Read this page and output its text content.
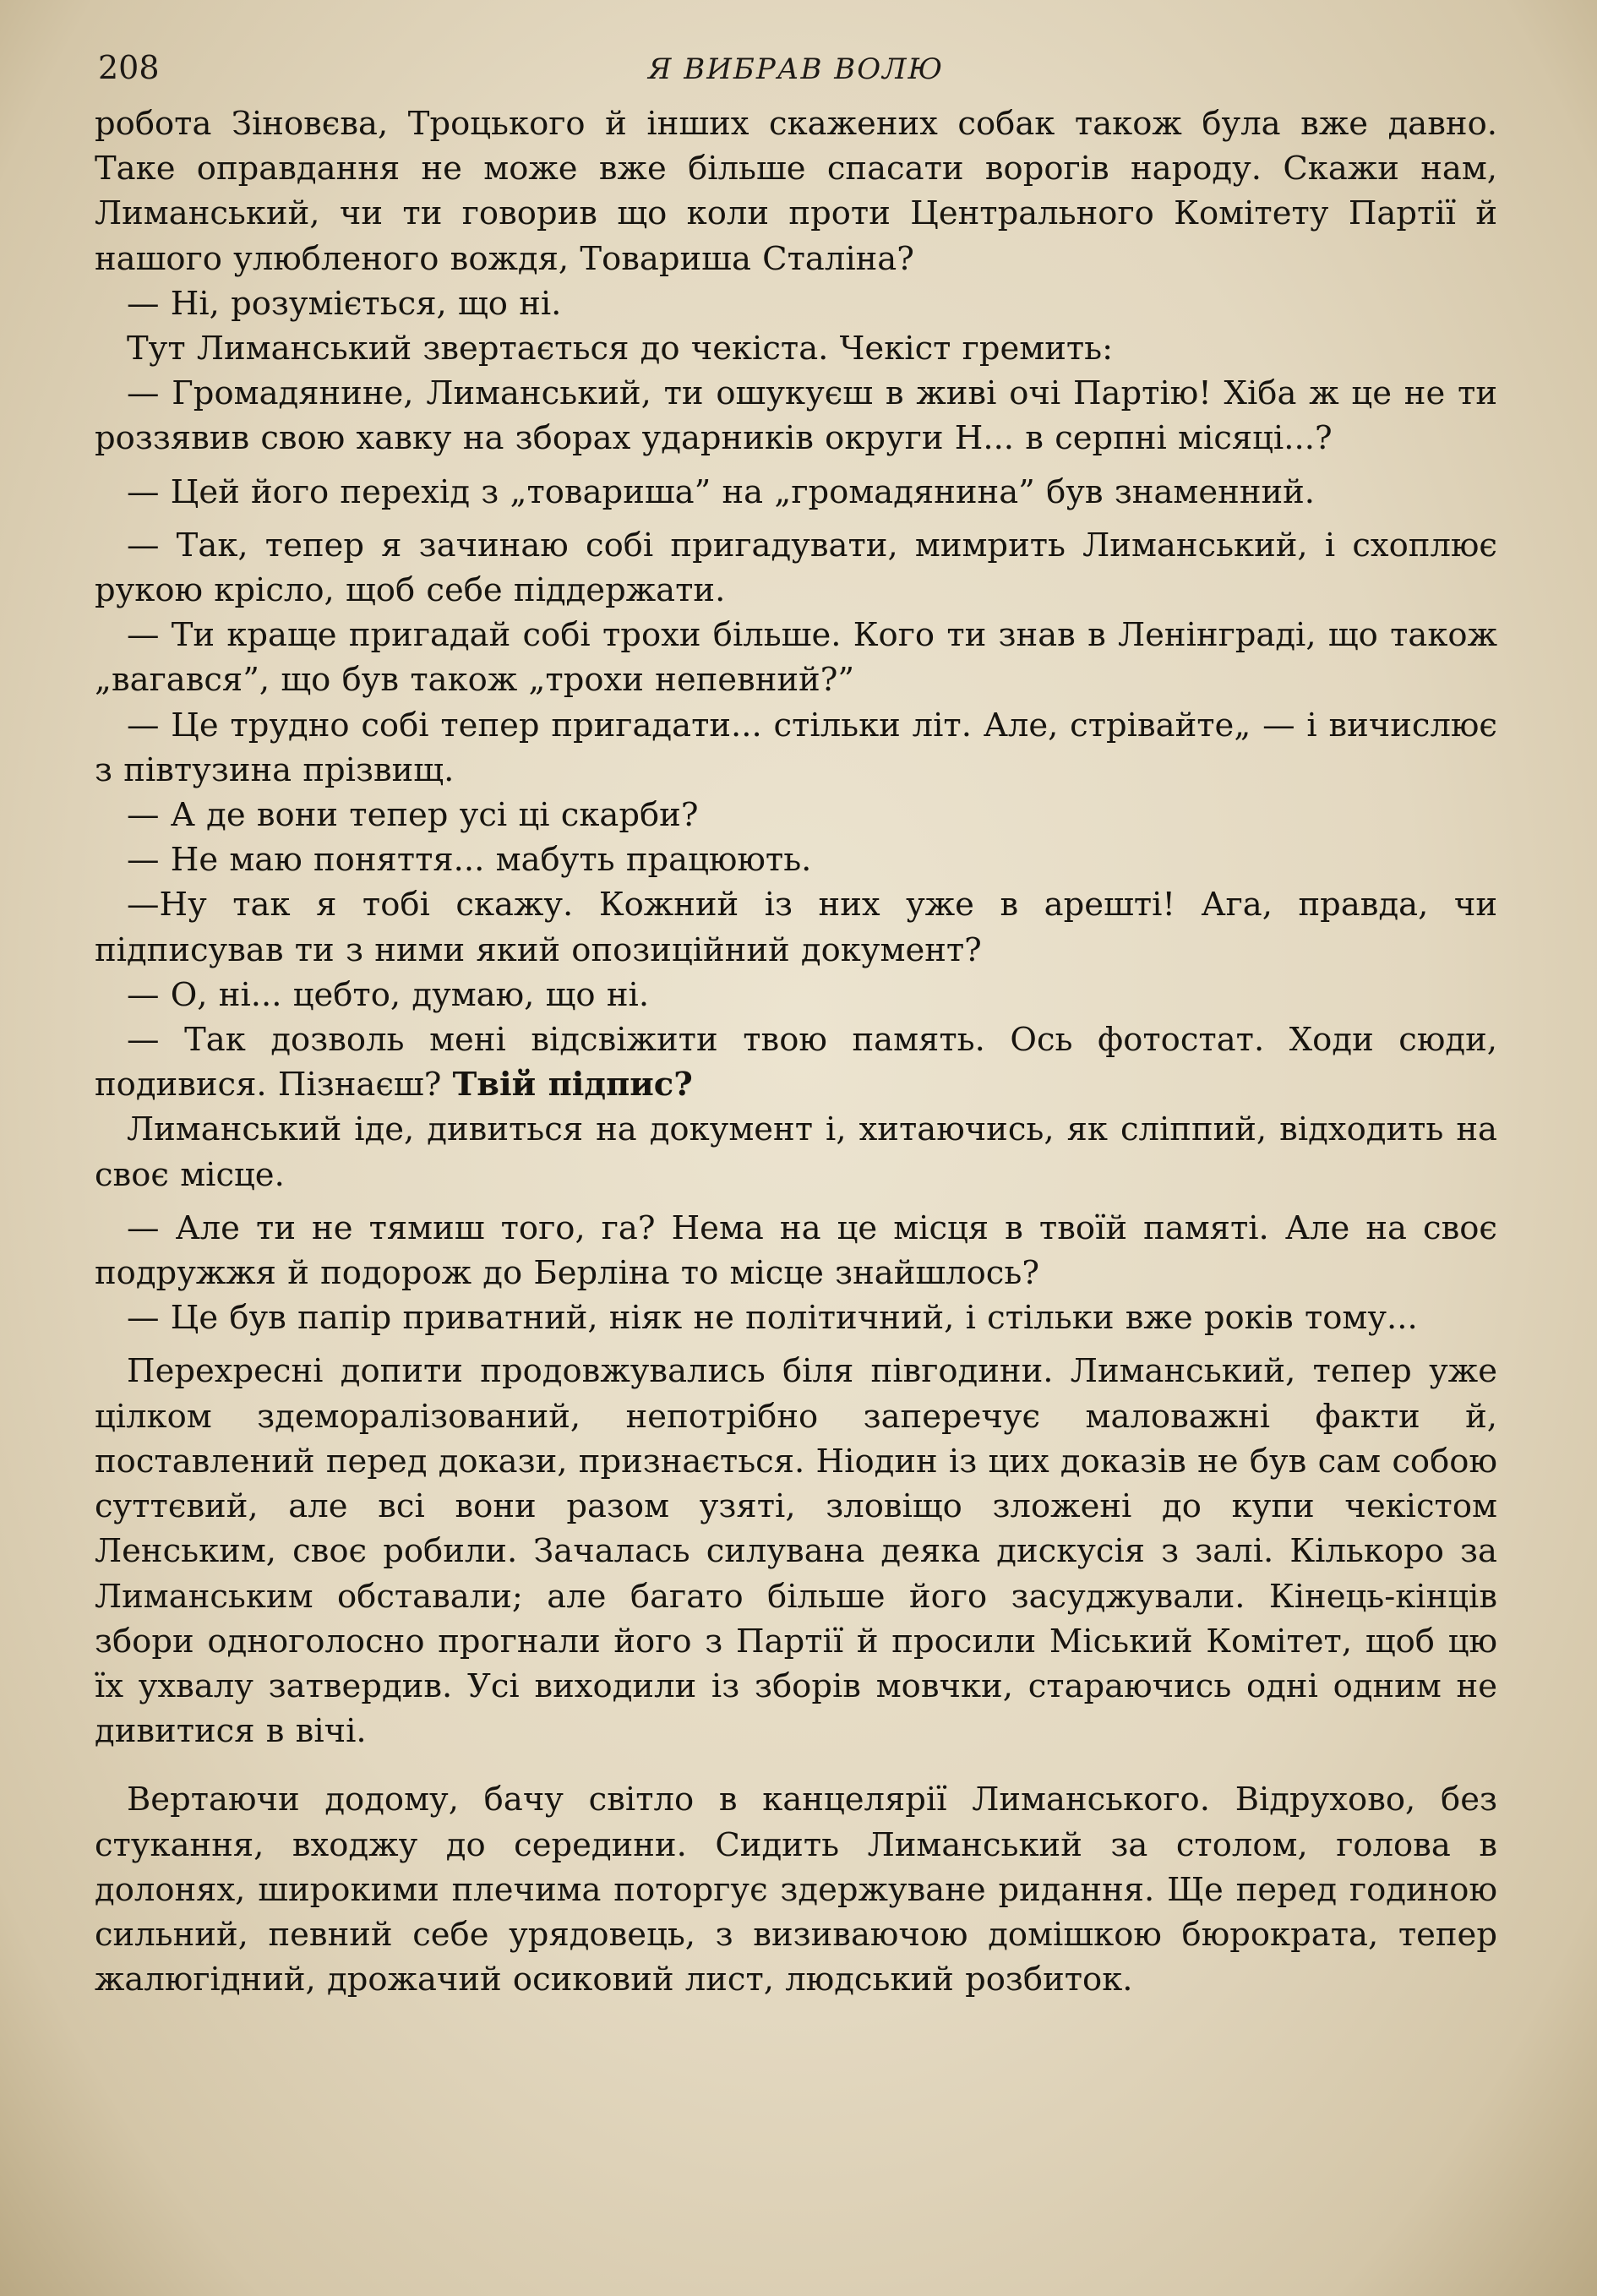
208	Я ВИБРАВ ВОЛЮ

робота Зіновєва, Троцького й інших скажених собак також була вже давно. Таке оправдання не може вже більше спасати ворогів народу. Скажи нам, Лиманський, чи ти говорив що коли проти Центрального Комітету Партії й нашого улюбленого вождя, Товариша Сталіна?

— Ні, розуміється, що ні.

Тут Лиманський звертається до чекіста. Чекіст гремить:

— Громадянине, Лиманський, ти ошукуєш в живі очі Партію! Хіба ж це не ти роззявив свою хавку на зборах ударників округи Н... в серпні місяці...?

— Цей його перехід з „товариша” на „громадянина” був знаменний.

— Так, тепер я зачинаю собі пригадувати, мимрить Лиманський, і схоплює рукою крісло, щоб себе піддержати.

— Ти краще пригадай собі трохи більше. Кого ти знав в Ленінграді, що також „вагався”, що був також „трохи непевний?”

— Це трудно собі тепер пригадати... стільки літ. Але, стрівайте„ — і вичислює з півтузина прізвищ.

— А де вони тепер усі ці скарби?

— Не маю поняття... мабуть працюють.

—Ну так я тобі скажу. Кожний із них уже в арешті! Ага, правда, чи підписував ти з ними який опозиційний документ?

— О, ні... цебто, думаю, що ні.

— Так дозволь мені відсвіжити твою память. Ось фотостат. Ходи сюди, подивися. Пізнаєш? Твій підпис?

Лиманський іде, дивиться на документ і, хитаючись, як сліппий, відходить на своє місце.

— Але ти не тямиш того, га? Нема на це місця в твоїй памяті. Але на своє подружжя й подорож до Берліна то місце знайшлось?

— Це був папір приватний, ніяк не політичний, і стільки вже років тому...

Перехресні допити продовжувались біля півгодини. Лиманський, тепер уже цілком здеморалізований, непотрібно заперечує маловажні факти й, поставлений перед докази, признається. Ніодин із цих доказів не був сам собою суттєвий, але всі вони разом узяті, зловіщо зложені до купи чекістом Ленським, своє робили. Зачалась силувана деяка дискусія з залі. Кількоро за Лиманським обставали; але багато більше його засуджували. Кінець-кінців збори одноголосно прогнали його з Партії й просили Міський Комітет, щоб цю їх ухвалу затвердив. Усі виходили із зборів мовчки, стараючись одні одним не дивитися в вічі.

Вертаючи додому, бачу світло в канцелярії Лиманського. Відрухово, без стукання, входжу до середини. Сидить Лиманський за столом, голова в долонях, широкими плечима поторгує здержуване ридання. Ще перед годиною сильний, певний себе урядовець, з визиваючою домішкою бюрократа, тепер жалюгідний, дрожачий осиковий лист, людський розбиток.
